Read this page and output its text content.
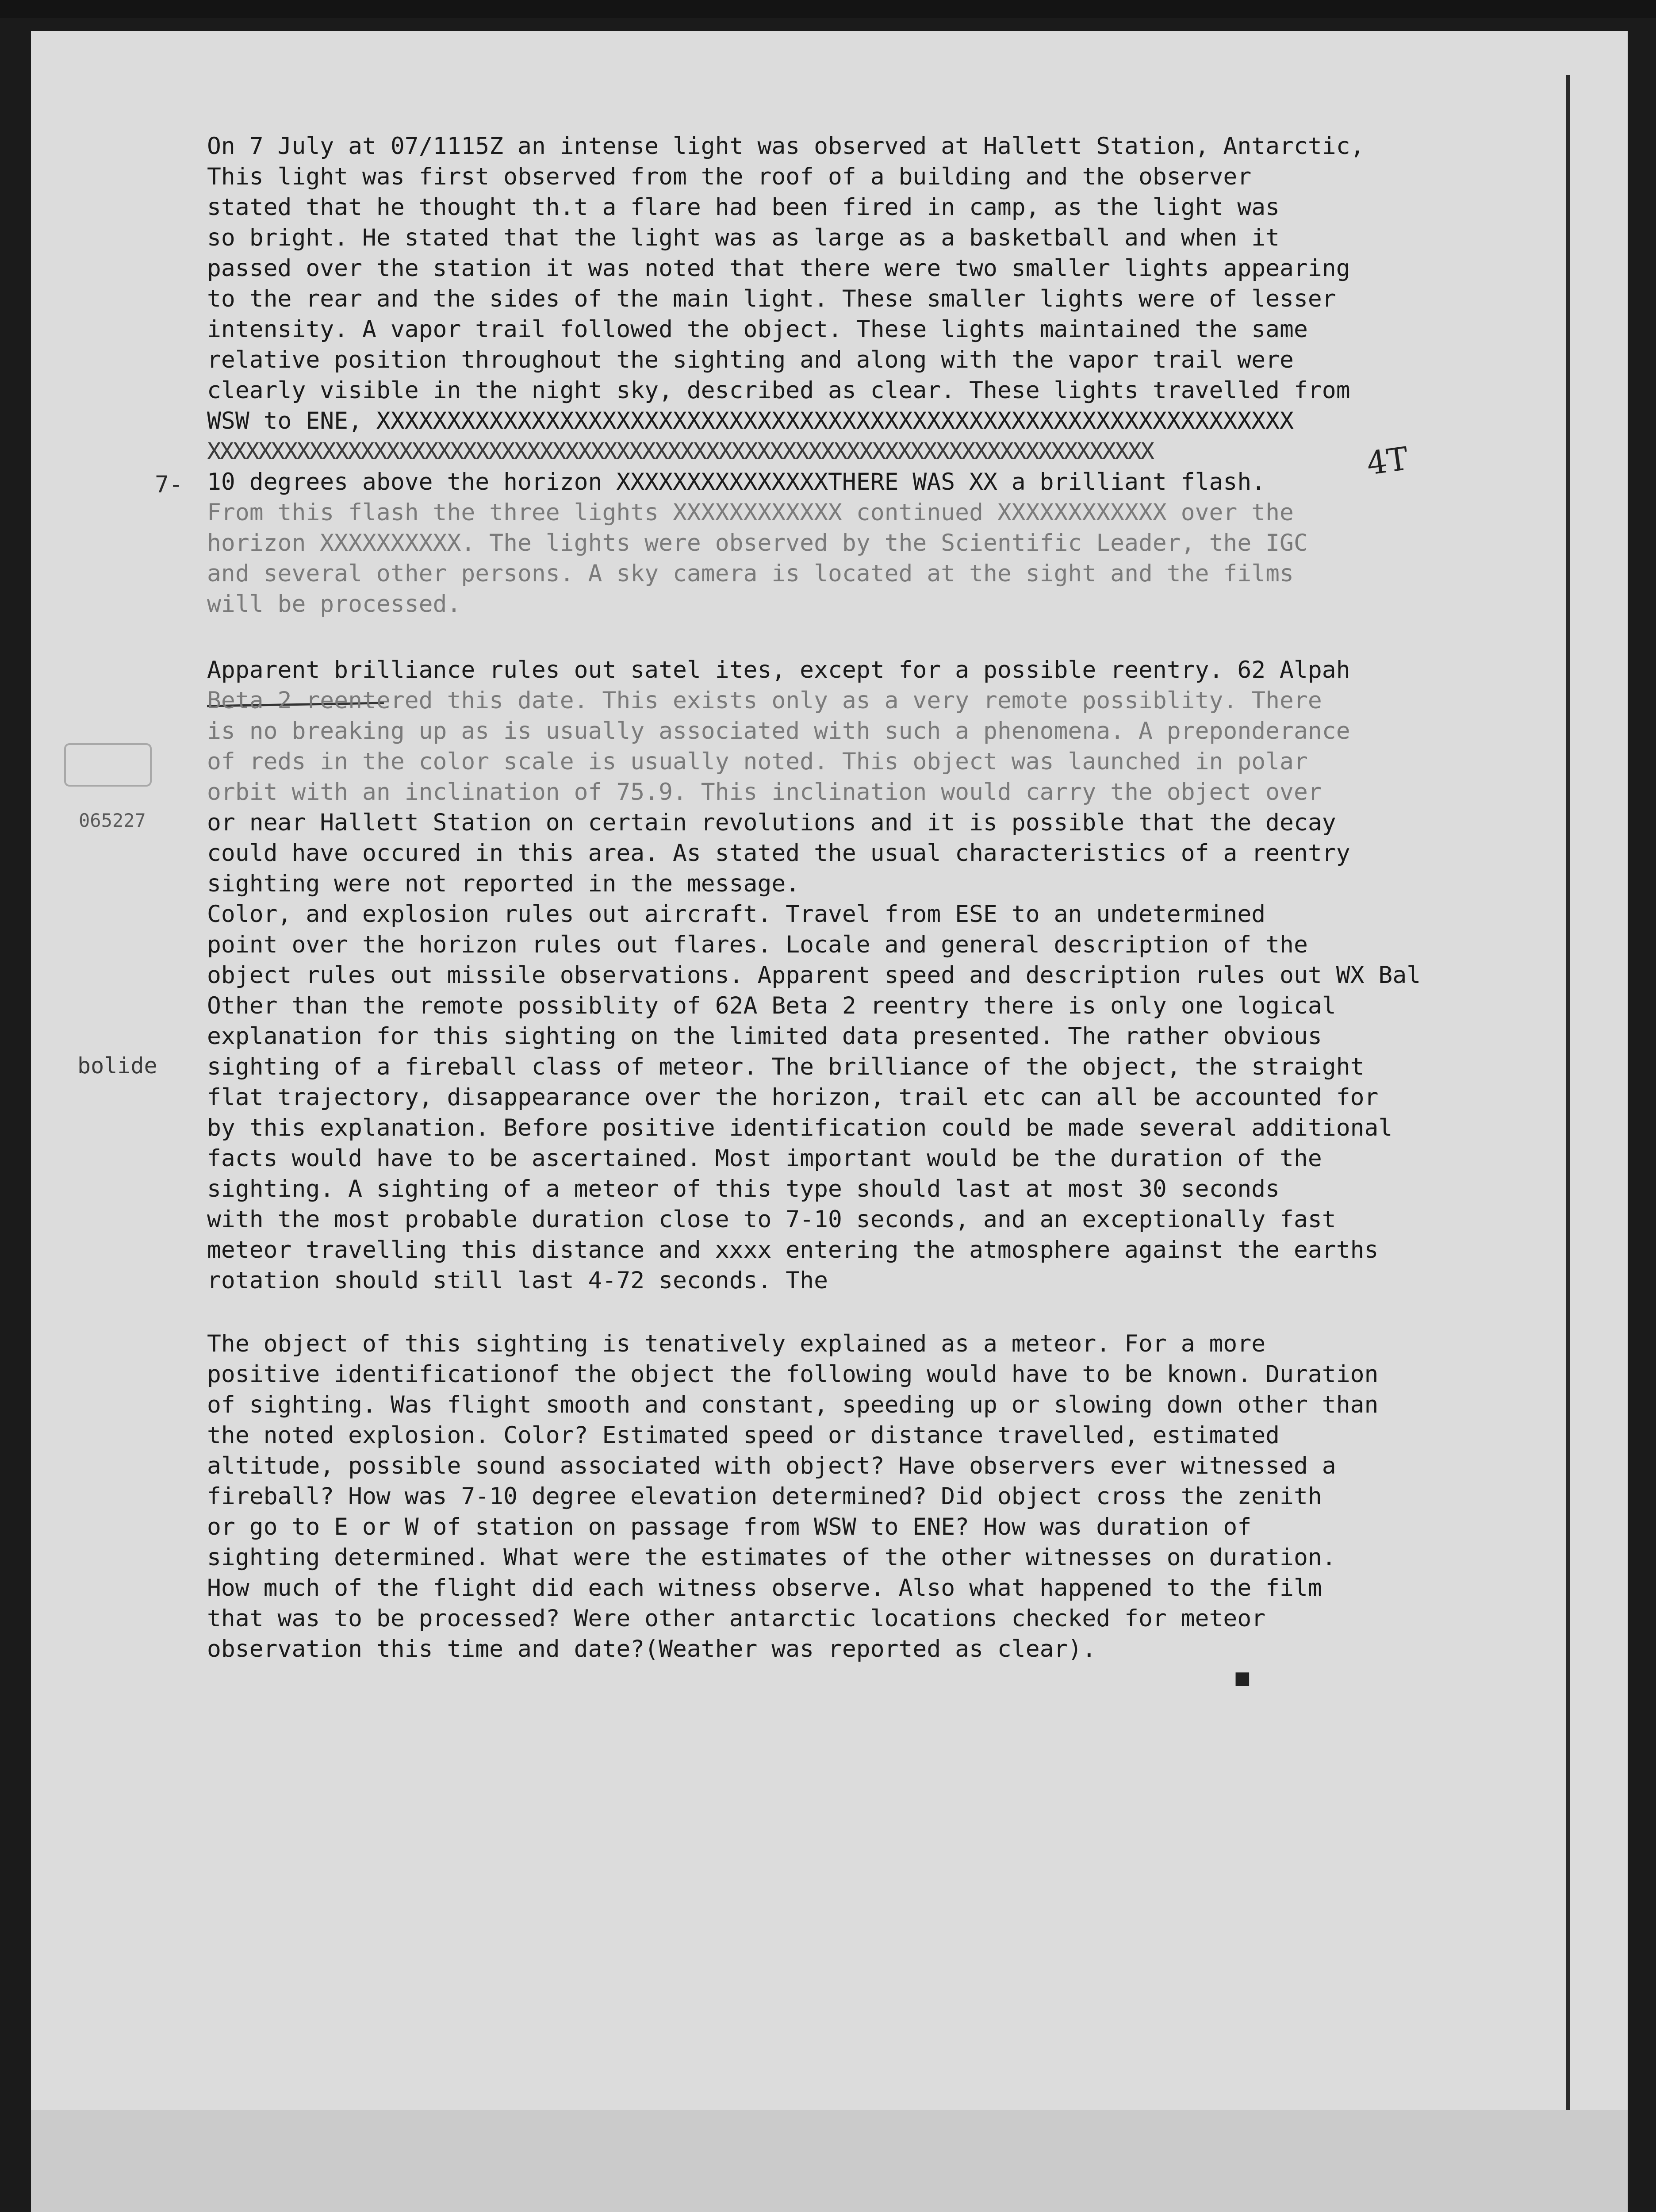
7-
bolide
065227
4T
■
On 7 July at 07/1115Z an intense light was observed at Hallett Station, Antarctic,
This light was first observed from the roof of a building and the observer
stated that he thought th.t a flare had been fired in camp, as the light was
so bright. He stated that the light was as large as a basketball and when it
passed over the station it was noted that there were two smaller lights appearing
to the rear and the sides of the main light. These smaller lights were of lesser
intensity. A vapor trail followed the object. These lights maintained the same
relative position throughout the sighting and along with the vapor trail were
clearly visible in the night sky, described as clear. These lights travelled from
WSW to ENE, XXXXXXXXXXXXXXXXXXXXXXXXXXXXXXXXXXXXXXXXXXXXXXXXXXXXXXXXXXXXXXXXX
XXXXXXXXXXXXXXXXXXXXXXXXXXXXXXXXXXXXXXXXXXXXXXXXXXXXXXXXXXXXXXXXXXXXXXXXXX
10 degrees above the horizon XXXXXXXXXXXXXXXTHERE WAS XX a brilliant flash.
From this flash the three lights XXXXXXXXXXXX continued XXXXXXXXXXXX over the
horizon XXXXXXXXXX. The lights were observed by the Scientific Leader, the IGC
and several other persons. A sky camera is located at the sight and the films
will be processed.
Apparent brilliance rules out satel ites, except for a possible reentry. 62 Alpah
Beta 2 reentered this date. This exists only as a very remote possiblity. There
is no breaking up as is usually associated with such a phenomena. A preponderance
of reds in the color scale is usually noted. This object was launched in polar
orbit with an inclination of 75.9. This inclination would carry the object over
or near Hallett Station on certain revolutions and it is possible that the decay
could have occured in this area. As stated the usual characteristics of a reentry
sighting were not reported in the message.
Color, and explosion rules out aircraft. Travel from ESE to an undetermined
point over the horizon rules out flares. Locale and general description of the
object rules out missile observations. Apparent speed and description rules out WX Bal
Other than the remote possiblity of 62A Beta 2 reentry there is only one logical
explanation for this sighting on the limited data presented. The rather obvious
sighting of a fireball class of meteor. The brilliance of the object, the straight
flat trajectory, disappearance over the horizon, trail etc can all be accounted for
by this explanation. Before positive identification could be made several additional
facts would have to be ascertained. Most important would be the duration of the
sighting. A sighting of a meteor of this type should last at most 30 seconds
with the most probable duration close to 7-10 seconds, and an exceptionally fast
meteor travelling this distance and xxxx entering the atmosphere against the earths
rotation should still last 4-72 seconds. The
The object of this sighting is tenatively explained as a meteor. For a more
positive identificationof the object the following would have to be known. Duration
of sighting. Was flight smooth and constant, speeding up or slowing down other than
the noted explosion. Color? Estimated speed or distance travelled, estimated
altitude, possible sound associated with object? Have observers ever witnessed a
fireball? How was 7-10 degree elevation determined? Did object cross the zenith
or go to E or W of station on passage from WSW to ENE? How was duration of
sighting determined. What were the estimates of the other witnesses on duration.
How much of the flight did each witness observe. Also what happened to the film
that was to be processed? Were other antarctic locations checked for meteor
observation this time and date?(Weather was reported as clear).
